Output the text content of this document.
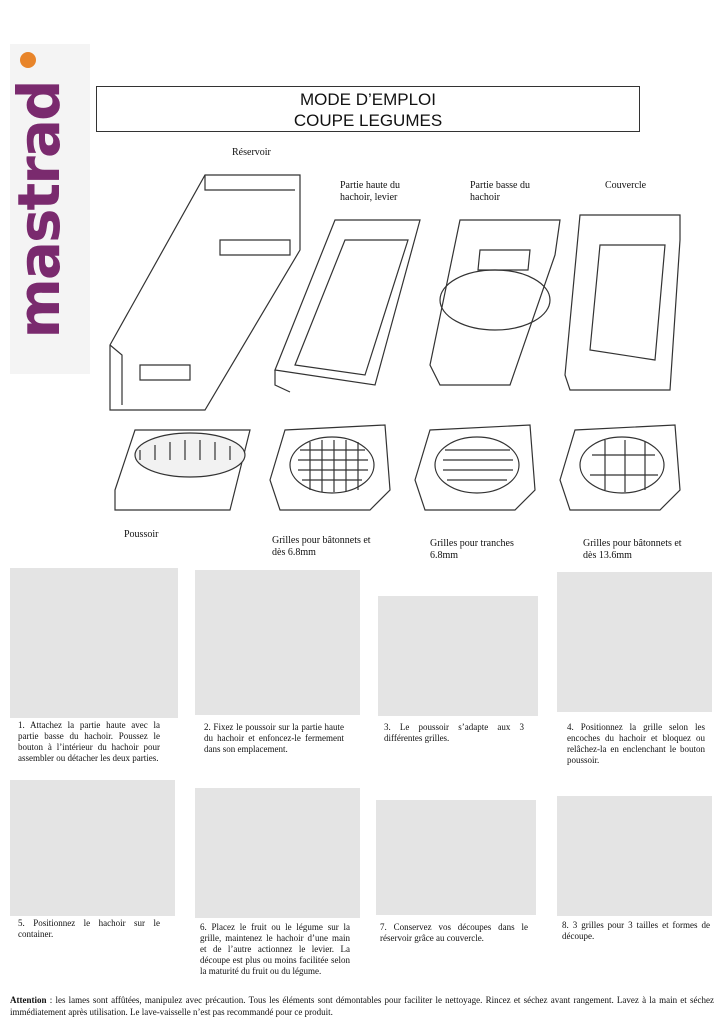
mastrad	MODE D’EMPLOI
COUPE LEGUMES
Réservoir
Partie haute du hachoir, levier
Partie basse du hachoir
Couvercle
Poussoir
Grilles pour bâtonnets et dès 6.8mm
Grilles pour tranches 6.8mm
Grilles pour bâtonnets et dès 13.6mm
1. Attachez la partie haute avec la partie basse du hachoir. Poussez le bouton à l’intérieur du hachoir pour assembler ou détacher les deux parties.
2. Fixez le poussoir sur la partie haute du hachoir et enfoncez-le fermement dans son emplacement.
3. Le poussoir s’adapte aux 3 différentes grilles.
4. Positionnez la grille selon les encoches du hachoir et bloquez ou relâchez-la en enclenchant le bouton poussoir.
5. Positionnez le hachoir sur le container.
6. Placez le fruit ou le légume sur la grille, maintenez le hachoir d’une main et de l’autre actionnez le levier. La découpe est plus ou moins facilitée selon la maturité du fruit ou du légume.
7. Conservez vos découpes dans le réservoir grâce au couvercle.
8. 3 grilles pour 3 tailles et formes de découpe.
Attention : les lames sont affûtées, manipulez avec précaution. Tous les éléments sont démontables pour faciliter le nettoyage. Rincez et séchez avant rangement. Lavez à la main et séchez immédiatement après utilisation. Le lave-vaisselle n’est pas recommandé pour ce produit.
